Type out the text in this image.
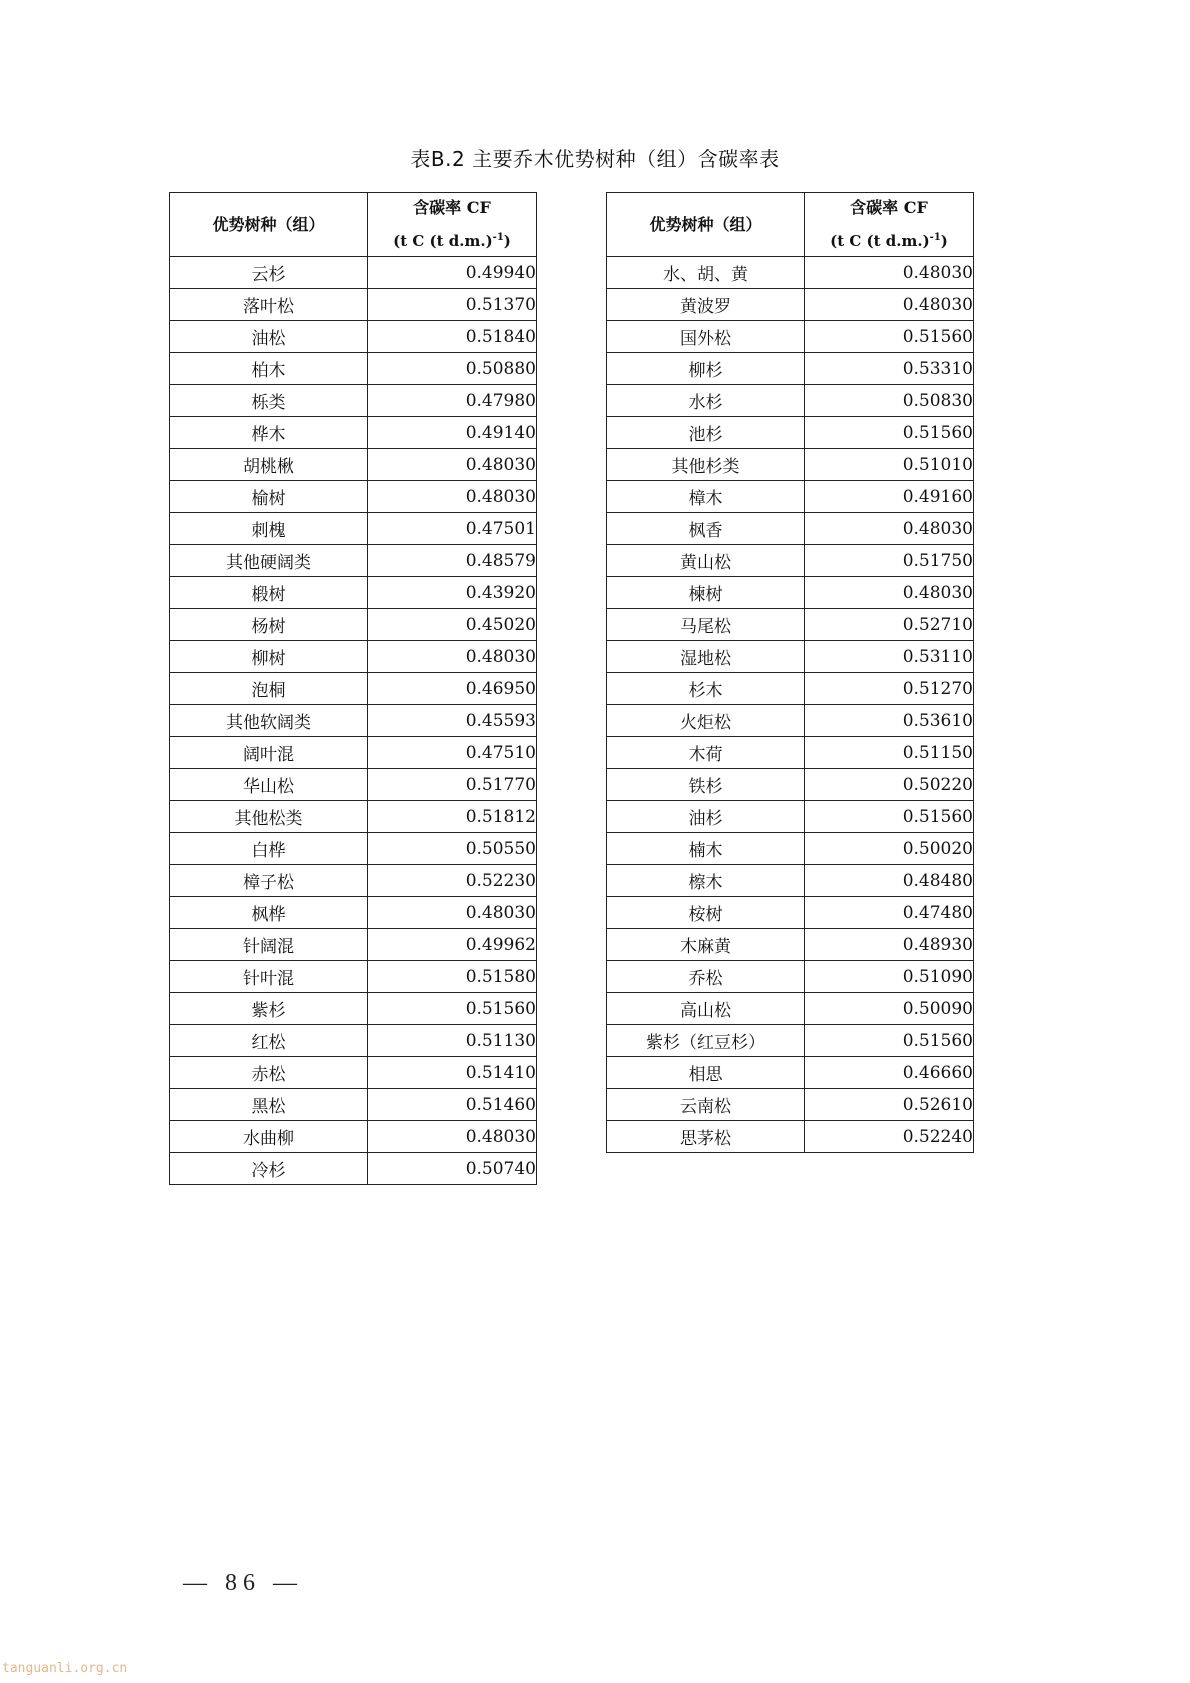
表B.2 主要乔木优势树种（组）含碳率表
优势树种（组）	含碳率 CF
(t C (t d.m.)$^{-1}$)

云杉	0.49940
落叶松	0.51370
油松	0.51840
柏木	0.50880
栎类	0.47980
桦木	0.49140
胡桃楸	0.48030
榆树	0.48030
刺槐	0.47501
其他硬阔类	0.48579
椴树	0.43920
杨树	0.45020
柳树	0.48030
泡桐	0.46950
其他软阔类	0.45593
阔叶混	0.47510
华山松	0.51770
其他松类	0.51812
白桦	0.50550
樟子松	0.52230
枫桦	0.48030
针阔混	0.49962
针叶混	0.51580
紫杉	0.51560
红松	0.51130
赤松	0.51410
黑松	0.51460
水曲柳	0.48030
冷杉	0.50740
优势树种（组）	含碳率 CF
(t C (t d.m.)$^{-1}$)

水、胡、黄	0.48030
黄波罗	0.48030
国外松	0.51560
柳杉	0.53310
水杉	0.50830
池杉	0.51560
其他杉类	0.51010
樟木	0.49160
枫香	0.48030
黄山松	0.51750
楝树	0.48030
马尾松	0.52710
湿地松	0.53110
杉木	0.51270
火炬松	0.53610
木荷	0.51150
铁杉	0.50220
油杉	0.51560
楠木	0.50020
檫木	0.48480
桉树	0.47480
木麻黄	0.48930
乔松	0.51090
高山松	0.50090
紫杉（红豆杉）	0.51560
相思	0.46660
云南松	0.52610
思茅松	0.52240
— 86 —
tanguanli.org.cn
